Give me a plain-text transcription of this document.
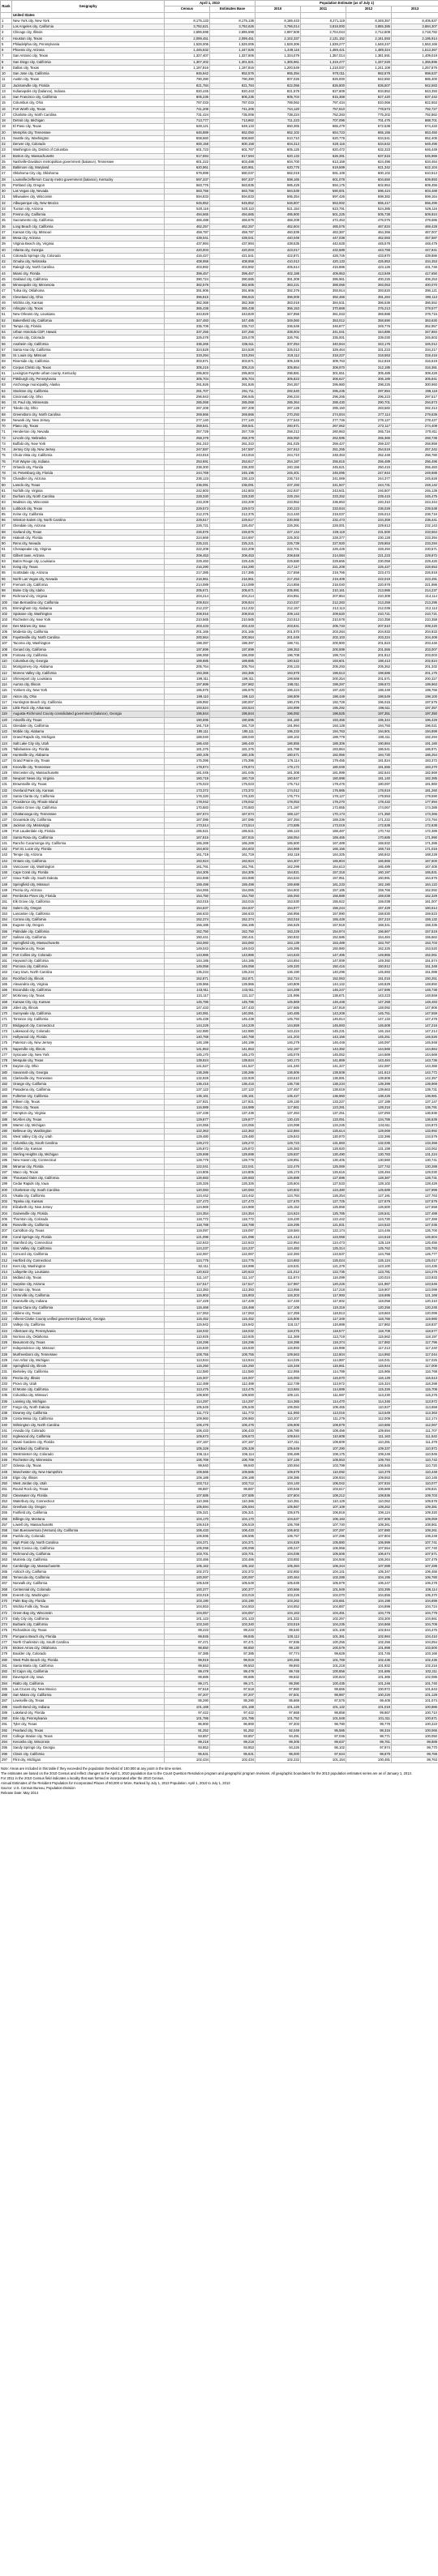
Rank	Geography	April 1, 2010		Population Estimate (as of July 1)			
		Census	Estimates Base	2010	2011	2012	2013

	United States						
1	New York city, New York	8,175,133	8,175,136	8,186,443	8,271,119	8,348,357	8,405,837
2	Los Angeles city, California	3,792,621	3,792,626	3,796,014	3,818,000	3,855,385	3,884,307
3	Chicago city, Illinois	2,695,598	2,695,598	2,697,509	2,704,044	2,712,608	2,718,782
4	Houston city, Texas	2,099,451	2,099,451	2,102,337	2,131,152	2,161,593	2,195,914
5	Philadelphia city, Pennsylvania	1,526,006	1,526,006	1,528,306	1,539,277	1,548,247	1,553,165
6	Phoenix city, Arizona	1,445,632	1,447,626	1,449,116	1,469,421	1,489,324	1,513,367
7	San Antonio city, Texas	1,327,407	1,327,606	1,334,079	1,357,014	1,381,591	1,409,019
8	San Diego city, California	1,307,402	1,301,621	1,305,961	1,319,477	1,337,026	1,355,896
9	Dallas city, Texas	1,197,816	1,197,816	1,200,549	1,218,037	1,241,108	1,257,676
10	San Jose city, California	945,942	952,576	955,394	970,011	982,578	998,537
11	Austin city, Texas	790,390	790,390	807,026	825,000	842,592	885,400
12	Jacksonville city, Florida	821,784	821,784	822,056	826,800	836,507	842,583
13	Indianapolis city (balance), Indiana	820,445	820,443	821,579	827,609	834,852	843,393
14	San Francisco city, California	805,235	805,235	805,704	815,358	827,420	837,442
15	Columbus city, Ohio	787,033	787,033	789,062	797,434	810,066	822,553
16	Fort Worth city, Texas	741,206	741,206	744,120	757,810	778,573	792,727
17	Charlotte city, North Carolina	731,424	735,006	738,224	752,283	775,202	792,862
18	Detroit city, Michigan	713,777	713,862	711,223	707,096	701,475	688,701
19	El Paso city, Texas	649,121	649,133	650,365	665,479	672,538	674,433
20	Memphis city, Tennessee	646,889	652,050	652,102	654,723	655,155	653,450
21	Seattle city, Washington	608,660	608,660	610,710	620,778	634,541	652,405
22	Denver city, Colorado	600,158	600,158	604,313	620,116	634,542	649,495
23	Washington city, District of Columbia	601,723	601,767	605,125	620,472	632,323	646,449
24	Boston city, Massachusetts	617,594	617,594	620,133	626,391	637,516	645,966
25	Nashville-Davidson metropolitan government (balance), Tennessee	601,222	603,488	604,700	613,159	624,496	634,464
26	Baltimore city, Maryland	620,961	620,961	620,776	619,599	621,342	622,104
27	Oklahoma City city, Oklahoma	579,999	580,037	582,019	591,108	600,102	610,613
28	Louisville/Jefferson County metro government (balance), Kentucky	597,337	597,337	598,165	601,078	604,650	609,893
29	Portland city, Oregon	583,776	583,835	585,429	594,175	602,954	609,456
30	Las Vegas city, Nevada	583,756	583,756	584,539	590,001	596,424	603,488
31	Milwaukee city, Wisconsin	594,833	594,833	595,354	597,426	598,382	599,164
32	Albuquerque city, New Mexico	545,852	545,852	546,807	553,002	555,417	556,495
33	Tucson city, Arizona	520,116	520,110	521,154	523,791	524,385	526,116
34	Fresno city, California	494,665	494,665	495,900	501,225	505,738	509,924
35	Sacramento city, California	466,488	466,676	468,208	472,453	476,075	479,686
36	Long Beach city, California	462,257	462,257	462,604	465,576	467,834	469,428
37	Kansas City city, Missouri	459,787	459,787	460,839	463,387	464,366	467,007
38	Mesa city, Arizona	439,041	439,041	440,049	447,038	452,083	457,587
39	Virginia Beach city, Virginia	437,994	437,994	438,535	442,628	445,578	448,479
40	Atlanta city, Georgia	420,003	420,003	423,017	432,589	443,768	447,841
41	Colorado Springs city, Colorado	416,427	421,541	422,871	428,745	433,870	439,886
42	Omaha city, Nebraska	408,958	408,958	410,012	420,133	425,853	434,353
43	Raleigh city, North Carolina	403,892	403,892	405,614	415,886	423,126	431,746
44	Miami city, Florida	399,457	399,457	402,188	409,953	413,949	417,650
45	Oakland city, California	390,724	390,685	391,309	395,961	400,225	406,253
46	Minneapolis city, Minnesota	382,578	382,605	383,221	388,066	393,053	400,070
47	Tulsa city, Oklahoma	391,906	391,906	392,379	393,914	393,820	398,121
48	Cleveland city, Ohio	396,815	396,815	396,009	392,466	391,284	390,113
49	Wichita city, Kansas	382,368	382,368	383,018	384,531	386,536	386,552
50	Arlington city, Texas	365,438	365,438	366,153	370,668	376,213	379,577
51	New Orleans city, Louisiana	343,829	343,829	347,858	361,043	369,888	378,715
52	Bakersfield city, California	347,483	347,485	349,060	353,012	358,690	363,630
53	Tampa city, Florida	335,709	335,710	336,548	346,877	349,776	352,957
54	Urban Honolulu CDP, Hawaii	337,256	337,256	338,004	341,041	344,886	347,884
55	Aurora city, Colorado	325,078	325,078	326,791	335,001	339,030	345,803
56	Anaheim city, California	336,265	336,511	337,054	340,944	343,176	345,012
57	Santa Ana city, California	324,528	324,528	325,013	329,464	331,223	334,217
58	St. Louis city, Missouri	319,294	319,294	319,112	318,227	318,563	318,416
59	Riverside city, California	303,871	303,871	305,349	309,763	312,919	316,619
60	Corpus Christi city, Texas	305,215	305,215	305,854	308,970	312,195	316,381
61	Lexington-Fayette urban county, Kentucky	295,803	295,803	296,881	301,651	305,489	308,428
62	Pittsburgh city, Pennsylvania	305,704	305,704	305,823	306,627	306,189	305,841
63	Anchorage municipality, Alaska	291,826	291,826	294,357	295,960	298,225	300,950
64	Stockton city, California	291,707	291,711	292,540	295,235	297,984	298,118
65	Cincinnati city, Ohio	296,943	296,945	296,234	296,265	296,223	297,517
66	St. Paul city, Minnesota	285,068	285,068	285,364	288,430	290,701	294,873
67	Toledo city, Ohio	287,208	287,208	287,128	285,150	283,582	282,313
68	Greensboro city, North Carolina	269,666	269,666	270,293	274,004	277,114	279,639
69	Newark city, New Jersey	277,140	277,140	277,543	277,746	278,127	278,427
70	Plano city, Texas	259,841	259,841	260,971	267,062	272,117	274,409
71	Henderson city, Nevada	257,729	257,729	258,212	260,963	265,716	270,811
72	Lincoln city, Nebraska	258,379	258,379	259,050	262,595	265,366	268,738
73	Buffalo city, New York	261,310	261,310	261,025	259,427	259,337	258,959
74	Jersey City city, New Jersey	247,597	247,597	247,912	251,255	254,519	257,342
75	Chula Vista city, California	243,916	243,916	244,710	248,453	252,448	256,780
76	Fort Wayne city, Indiana	253,691	253,617	254,187	255,815	256,489	256,496
77	Orlando city, Florida	238,300	238,300	240,156	245,621	250,415	255,483
78	St. Petersburg city, Florida	244,769	245,195	245,401	245,095	247,944	249,688
79	Chandler city, Arizona	236,123	236,123	236,710	241,069	244,377	245,628
80	Laredo city, Texas	236,091	236,091	237,193	241,927	244,731	248,142
81	Norfolk city, Virginia	242,803	242,803	242,837	243,641	246,807	246,139
82	Durham city, North Carolina	228,330	228,330	229,194	233,252	239,415	245,475
83	Madison city, Wisconsin	233,209	233,209	233,952	236,853	240,310	243,344
84	Lubbock city, Texas	229,573	229,573	230,223	233,934	236,028	239,538
85	Irvine city, California	212,375	212,375	213,440	219,037	226,013	236,716
86	Winston-Salem city, North Carolina	229,617	229,617	230,065	232,473	234,359	236,441
87	Glendale city, Arizona	226,721	226,457	226,391	228,001	229,613	232,143
88	Garland city, Texas	226,876	226,876	227,144	229,119	231,500	233,564
89	Hialeah city, Florida	224,669	224,697	225,302	228,377	230,128	233,394
90	Reno city, Nevada	225,221	225,221	225,739	227,920	229,853	233,294
91	Chesapeake city, Virginia	222,209	222,209	222,701	226,426	228,494	230,571
92	Gilbert town, Arizona	208,453	208,453	208,848	214,084	221,223	229,972
93	Baton Rouge city, Louisiana	229,493	229,426	229,580	229,656	230,058	229,426
94	Irving city, Texas	216,290	216,290	217,117	221,208	225,427	228,653
95	Scottsdale city, Arizona	217,385	217,385	217,558	219,766	223,472	226,918
96	North Las Vegas city, Nevada	216,961	216,961	217,253	219,409	222,019	223,491
97	Fremont city, California	214,089	214,089	214,856	218,040	220,978	221,986
98	Boise City city, Idaho	205,671	205,671	205,991	210,161	213,986	214,237
99	Richmond city, Virginia	204,214	204,214	204,851	207,864	210,309	214,114
100	San Bernardino city, California	209,924	209,924	210,037	212,283	213,259	213,295
101	Birmingham city, Alabama	212,237	212,232	212,157	212,113	212,038	212,113
102	Spokane city, Washington	208,916	208,916	209,143	209,520	210,721	210,721
103	Rochester city, New York	210,565	210,565	210,513	210,578	210,358	210,358
104	Des Moines city, Iowa	203,433	203,433	203,841	205,733	207,510	209,220
105	Modesto city, California	201,165	201,165	201,570	203,284	204,933	204,933
106	Fayetteville city, North Carolina	200,564	200,564	201,049	202,103	203,324	204,408
107	Tacoma city, Washington	198,397	198,397	198,741	200,900	201,823	203,446
108	Oxnard city, California	197,899	197,899	198,353	200,599	201,555	203,007
109	Fontana city, California	196,069	196,069	196,708	199,724	201,812	203,003
110	Columbus city, Georgia	189,885	189,885	190,522	193,601	198,413	202,824
111	Montgomery city, Alabama	205,764	205,764	206,133	205,293	205,352	201,332
112	Moreno Valley city, California	193,365	193,365	193,978	196,613	198,586	201,175
113	Shreveport city, Louisiana	199,311	199,311	199,568	200,254	201,571	200,327
114	Aurora city, Illinois	197,899	197,962	198,011	199,297	199,672	199,963
115	Yonkers city, New York	195,976	195,976	196,224	197,420	198,449	199,766
116	Akron city, Ohio	199,110	199,110	198,809	198,449	198,549	198,100
117	Huntington Beach city, California	189,992	190,007	190,476	192,728	195,015	197,575
118	Little Rock city, Arkansas	193,524	193,524	193,999	195,292	196,611	197,357
119	Augusta-Richmond County consolidated government (balance), Georgia	195,844	195,844	196,092	196,525	197,351	197,350
120	Amarillo city, Texas	190,695	190,695	191,160	193,466	195,344	196,429
121	Glendale city, California	191,719	191,719	191,994	193,128	194,793	196,021
122	Mobile city, Alabama	195,111	195,111	195,233	194,763	194,901	194,899
123	Grand Rapids city, Michigan	188,040	188,040	188,102	189,779	190,411	192,294
124	Salt Lake City city, Utah	186,440	186,440	186,855	189,306	190,884	191,180
125	Tallahassee city, Florida	181,376	181,376	181,788	183,864	186,541	186,971
126	Huntsville city, Alabama	180,105	180,105	180,571	182,956	184,730	186,254
127	Grand Prairie city, Texas	175,396	175,396	176,114	179,455	181,824	183,372
128	Knoxville city, Tennessee	178,874	178,874	179,172	180,049	181,555	183,270
129	Worcester city, Massachusetts	181,045	181,045	181,308	181,999	182,544	182,669
130	Newport News city, Virginia	180,719	180,719	180,847	180,998	181,140	182,385
131	Brownsville city, Texas	175,023	175,023	175,712	178,476	180,097	181,860
132	Overland Park city, Kansas	173,372	173,372	174,012	176,985	178,919	181,260
133	Santa Clarita city, California	176,320	176,320	176,774	178,127	179,553	179,590
134	Providence city, Rhode Island	178,042	178,042	178,053	178,270	178,432	177,994
135	Garden Grove city, California	170,883	170,883	171,197	172,655	174,067	174,389
136	Chattanooga city, Tennessee	167,674	167,674	168,127	170,173	171,350	173,366
137	Oceanside city, California	167,086	167,086	167,394	169,336	171,222	172,794
138	Jackson city, Mississippi	173,514	173,514	173,585	173,019	172,638	172,638
139	Fort Lauderdale city, Florida	165,521	165,521	166,123	168,487	170,742	172,389
140	Santa Rosa city, California	167,815	167,815	168,054	169,465	170,685	171,990
141	Rancho Cucamonga city, California	165,269	165,269	165,600	167,489	168,932	171,386
142	Port St. Lucie city, Florida	164,603	164,603	164,969	166,156	168,716	171,016
143	Tempe city, Arizona	161,719	161,719	162,118	164,325	166,842	168,228
144	Ontario city, California	163,924	163,924	164,307	165,804	166,866	167,500
145	Vancouver city, Washington	161,791	161,791	162,299	164,613	165,489	167,405
146	Cape Coral city, Florida	154,305	154,305	154,821	157,318	160,197	165,831
147	Sioux Falls city, South Dakota	153,888	153,888	154,534	157,951	160,991	164,676
148	Springfield city, Missouri	159,498	159,498	159,688	161,233	162,180	164,122
149	Peoria city, Arizona	154,065	154,065	154,602	157,185	159,766	162,592
150	Pembroke Pines city, Florida	154,750	154,750	155,093	156,888	159,038	162,329
151	Elk Grove city, California	153,015	153,015	153,530	155,922	159,038	161,007
152	Salem city, Oregon	154,637	154,637	154,977	156,244	157,429	160,614
153	Lancaster city, California	156,633	156,633	156,956	157,990	158,630	159,523
154	Corona city, California	152,374	152,374	153,016	155,428	157,210	159,132
155	Eugene city, Oregon	156,185	156,185	156,525	157,818	158,341	158,335
156	Palmdale city, California	152,750	152,750	153,229	154,974	156,667	157,519
157	Salinas city, California	150,441	150,441	150,832	152,586	154,484	155,662
158	Springfield city, Massachusetts	153,060	153,060	153,139	153,489	153,787	153,703
159	Pasadena city, Texas	149,043	149,043	149,395	150,980	152,325	153,520
160	Fort Collins city, Colorado	143,986	143,986	144,533	147,485	149,965	152,061
161	Hayward city, California	144,186	144,186	144,654	147,009	149,392	151,574
162	Pomona city, California	149,058	149,058	149,320	150,416	150,812	151,348
163	Cary town, North Carolina	135,234	135,234	136,190	140,296	145,693	151,088
164	Rockford city, Illinois	152,871	152,871	152,724	152,063	151,015	150,251
165	Alexandria city, Virginia	139,966	139,966	140,809	144,142	146,829	148,892
166	Escondido city, California	143,911	143,911	144,289	146,247	147,596	148,738
167	McKinney city, Texas	131,117	131,117	131,996	136,671	143,223	148,559
168	Kansas City city, Kansas	145,786	145,786	145,869	146,448	147,268	148,483
169	Joliet city, Illinois	147,433	147,433	147,665	147,818	148,092	147,806
170	Sunnyvale city, California	140,081	140,081	140,485	143,208	145,751	147,559
171	Torrance city, California	145,438	145,438	145,793	146,814	147,133	147,478
172	Bridgeport city, Connecticut	144,229	144,229	144,559	145,693	146,608	147,216
173	Lakewood city, Colorado	142,980	142,980	143,424	145,231	146,154	147,214
174	Hollywood city, Florida	140,768	140,768	141,203	143,156	145,251	146,526
175	Paterson city, New Jersey	146,199	146,199	146,279	146,448	146,097	145,948
176	Naperville city, Illinois	141,853	141,853	142,197	143,392	144,566	144,864
177	Syracuse city, New York	145,170	145,170	145,078	145,052	144,669	144,669
178	Mesquite city, Texas	139,824	139,824	140,173	141,869	143,484	143,736
179	Dayton city, Ohio	141,527	141,527	141,340	141,327	142,087	143,355
180	Savannah city, Georgia	136,286	136,286	136,606	138,508	141,813	142,772
181	Clarksville city, Tennessee	132,929	132,929	133,610	136,891	139,808	142,357
182	Orange city, California	136,416	136,416	136,736	138,234	139,399	139,969
183	Pasadena city, California	137,122	137,122	137,457	138,619	139,663	139,731
184	Fullerton city, California	135,161	135,161	135,427	136,960	138,226	138,981
185	Killeen city, Texas	127,921	127,921	129,130	133,227	137,189	137,147
186	Frisco city, Texas	116,989	116,989	117,861	123,281	128,316	136,791
187	Hampton city, Virginia	137,436	137,436	137,464	137,251	137,093	136,836
188	McAllen city, Texas	129,877	129,877	130,420	133,051	134,786	136,639
189	Warren city, Michigan	134,056	134,056	134,098	134,245	134,611	134,873
190	Bellevue city, Washington	122,363	122,363	122,884	125,614	129,069	133,992
191	West Valley City city, Utah	129,480	129,480	129,843	130,970	132,396	133,579
192	Columbia city, South Carolina	129,272	129,272	129,723	131,683	132,036	133,358
193	Olathe city, Kansas	125,872	125,872	126,383	128,920	131,198	133,062
194	Sterling Heights city, Michigan	129,699	129,699	129,837	130,490	130,783	131,224
195	New Haven city, Connecticut	129,779	129,779	129,951	130,405	130,660	130,741
196	Miramar city, Florida	122,041	122,041	122,476	125,069	127,742	130,288
197	Waco city, Texas	124,805	124,805	125,173	126,616	128,494	129,030
198	Thousand Oaks city, California	126,683	126,683	126,888	127,696	128,387	128,731
199	Cedar Rapids city, Iowa	126,326	126,326	126,604	127,533	128,102	128,429
200	Charleston city, South Carolina	120,083	120,083	120,602	123,480	125,589	127,999
201	Visalia city, California	124,442	124,442	124,784	126,254	127,191	127,763
202	Topeka city, Kansas	127,473	127,473	127,670	127,725	127,679	127,679
203	Elizabeth city, New Jersey	124,969	124,969	125,152	125,858	126,500	127,558
204	Gainesville city, Florida	124,354	124,354	124,624	125,785	126,541	127,488
205	Thornton city, Colorado	118,772	118,772	119,430	122,442	124,730	127,359
206	Roseville city, California	118,788	118,788	119,295	121,831	124,522	127,035
207	Carrollton city, Texas	119,097	119,097	119,584	122,174	124,446	126,700
208	Coral Springs city, Florida	121,096	121,096	121,413	123,068	124,618	126,604
209	Stamford city, Connecticut	122,643	122,643	122,954	124,473	125,119	126,456
210	Simi Valley city, California	124,237	124,237	124,482	125,314	125,762	125,793
211	Concord city, California	122,067	122,067	122,393	123,637	124,758	125,777
212	Hartford city, Connecticut	124,775	124,775	124,883	125,024	125,124	125,017
213	Kent city, Washington	92,411	118,998	119,531	121,379	123,100	124,435
214	Lafayette city, Louisiana	120,623	120,623	121,012	122,735	123,781	124,276
215	Midland city, Texas	111,147	111,147	111,874	116,099	120,024	123,933
216	Surprise city, Arizona	117,517	117,517	117,967	120,226	121,967	123,546
217	Denton city, Texas	113,383	113,383	113,956	117,218	119,907	123,099
218	Victorville city, California	115,903	115,903	116,303	117,993	119,695	121,168
219	Evansville city, Indiana	117,429	117,429	117,440	117,602	118,058	120,310
220	Santa Clara city, California	116,468	116,468	117,106	119,319	120,256	120,245
221	Abilene city, Texas	117,063	117,063	117,359	118,813	119,663	120,099
222	Athens-Clarke County unified government (balance), Georgia	115,452	115,452	115,806	117,349	118,766	119,980
223	Vallejo city, California	115,942	115,942	116,117	116,888	117,862	118,837
224	Allentown city, Pennsylvania	118,032	118,032	118,075	118,577	118,708	118,577
225	Norman city, Oklahoma	110,925	110,925	111,369	113,719	115,562	118,197
226	Beaumont city, Texas	118,296	118,296	118,398	118,374	117,882	117,796
227	Independence city, Missouri	116,830	116,830	116,893	116,998	117,213	117,240
228	Murfreesboro city, Tennessee	108,755	108,755	109,563	112,804	114,992	117,044
229	Ann Arbor city, Michigan	113,934	113,934	114,025	114,987	116,041	117,025
230	Springfield city, Illinois	116,250	116,250	116,348	116,861	116,944	117,006
231	Berkeley city, California	112,580	112,580	112,955	114,789	115,966	116,768
232	Peoria city, Illinois	115,007	115,007	115,093	115,670	116,129	116,513
233	Provo city, Utah	112,488	112,488	112,739	113,972	115,324	116,288
234	El Monte city, California	113,475	113,475	113,684	114,689	115,326	115,708
235	Columbia city, Missouri	108,500	108,500	109,121	111,697	113,230	115,276
236	Lansing city, Michigan	114,297	114,297	114,365	114,470	114,346	113,972
237	Fargo city, North Dakota	105,549	105,549	106,084	108,465	110,927	113,658
238	Downey city, California	111,772	111,772	111,993	113,016	113,549	113,363
239	Costa Mesa city, California	109,960	109,960	110,207	111,279	112,009	112,174
240	Wilmington city, North Carolina	106,476	106,476	106,906	108,879	110,665	112,067
241	Arvada city, Colorado	106,433	106,433	106,780	108,456	109,694	111,707
242	Inglewood city, California	109,673	109,673	109,844	110,608	111,163	111,542
243	Miami Gardens city, Florida	107,167	107,167	107,411	108,609	110,281	111,378
244	Carlsbad city, California	105,328	105,328	105,649	107,290	109,337	110,972
245	Westminster city, Colorado	106,114	106,114	106,489	108,175	109,249	110,945
246	Rochester city, Minnesota	106,769	106,769	107,126	108,553	109,784	110,742
247	Odessa city, Texas	99,940	99,940	100,594	103,799	106,945	110,720
248	Manchester city, New Hampshire	109,565	109,565	109,679	110,092	110,378	110,448
249	Elgin city, Illinois	108,188	108,188	108,386	108,934	109,553	110,145
250	West Jordan city, Utah	103,712	103,712	104,140	106,042	107,934	110,077
251	Round Rock city, Texas	99,887	99,887	100,546	103,617	106,669	109,821
252	Clearwater city, Florida	107,685	107,685	107,804	108,212	108,836	109,703
253	Waterbury city, Connecticut	110,366	110,366	110,351	110,129	110,062	109,676
254	Gresham city, Oregon	105,594	105,594	105,867	107,109	108,262	109,381
255	Fairfield city, California	105,321	105,321	105,575	106,818	108,124	109,320
256	Billings city, Montana	104,170	104,170	104,537	106,183	107,606	109,059
257	Lowell city, Massachusetts	106,519	106,519	106,769	107,740	108,361	108,861
258	San Buenaventura (Ventura) city, California	106,433	106,433	106,602	107,297	107,880	108,261
259	Pueblo city, Colorado	106,595	106,595	106,757	107,296	107,804	108,249
260	High Point city, North Carolina	104,371	104,371	104,629	105,880	106,999	107,741
261	West Covina city, California	106,098	106,098	106,247	106,958	107,554	107,740
262	Richmond city, California	103,701	103,701	104,036	105,506	106,674	107,571
263	Murrieta city, California	103,466	103,466	103,892	104,948	106,264	107,479
264	Cambridge city, Massachusetts	105,162	105,162	105,384	106,344	107,089	107,289
265	Antioch city, California	102,372	102,372	102,692	104,141	105,347	106,455
266	Temecula city, California	100,097	100,097	100,464	102,288	104,195	106,780
267	Norwalk city, California	105,549	105,549	105,638	105,979	106,247	106,278
268	Centennial city, Colorado	100,377	100,377	100,666	101,949	103,395	106,114
269	Everett city, Washington	103,019	103,019	103,226	104,070	104,655	105,370
270	Palm Bay city, Florida	103,190	103,190	103,262	103,681	104,198	104,898
271	Wichita Falls city, Texas	104,553	104,553	104,652	104,887	104,898	104,724
272	Green Bay city, Wisconsin	104,057	104,057	104,163	104,481	104,779	104,779
273	Daly City city, California	101,123	101,123	101,322	102,267	103,300	104,661
274	Burbank city, California	103,340	103,340	103,519	104,235	104,668	104,709
275	Richardson city, Texas	99,223	99,223	99,540	101,108	102,844	104,475
276	Pompano Beach city, Florida	99,845	99,845	100,112	101,381	102,984	104,410
277	North Charleston city, South Carolina	97,471	97,471	97,936	100,256	102,256	104,054
278	Broken Arrow city, Oklahoma	98,850	98,850	99,130	100,579	101,998	103,500
279	Boulder city, Colorado	97,385	97,385	97,774	99,629	101,745	103,166
280	West Palm Beach city, Florida	99,919	99,919	100,265	101,769	102,436	102,436
281	Santa Maria city, California	99,553	99,553	99,893	101,218	101,932	102,216
282	El Cajon city, California	99,478	99,478	99,746	100,856	101,686	102,211
283	Davenport city, Iowa	99,685	99,685	99,832	100,823	101,365	102,085
284	Rialto city, California	99,171	99,171	99,390	100,435	101,246	101,740
285	Las Cruces city, New Mexico	97,618	97,618	97,980	99,666	100,972	101,643
286	San Mateo city, California	97,207	97,207	97,501	98,987	100,226	101,128
287	Lewisville city, Texas	95,290	95,290	95,669	97,576	99,409	101,074
288	South Bend city, Indiana	101,168	101,168	101,126	101,132	101,018	100,886
289	Lakeland city, Florida	97,422	97,422	97,668	98,858	99,867	100,710
290	Erie city, Pennsylvania	101,786	101,786	101,752	101,548	101,311	100,671
291	Tyler city, Texas	96,900	96,900	97,303	98,790	99,778	100,223
292	Pearland city, Texas	91,252	91,252	92,049	95,585	98,316	100,065
293	College Station city, Texas	93,857	93,857	94,491	97,046	98,771	100,050
294	Kenosha city, Wisconsin	99,218	99,218	99,305	99,637	99,761	99,889
295	Sandy Springs city, Georgia	93,853	93,853	94,226	96,102	97,974	99,770
296	Clovis city, California	95,631	95,631	96,000	97,644	98,879	99,769
297	Flint city, Michigan	102,434	102,434	102,222	101,154	100,481	99,763
Note: Areas are included in this table if they exceeded the population threshold of 100,000 at any point in the time series.
The estimates are based on the 2010 Census and reflect changes to the April 1, 2010 population due to the Count Question Resolution program and geographic program revisions. All geographic boundaries for the 2013 population estimates series are as of January 1, 2013.
For 2011 in the 2010 Census field indicates a locality that was formed or incorporated after the 2010 Census.
Annual Estimates of the Resident Population for Incorporated Places of 50,000 or More, Ranked by July 1, 2013 Population: April 1, 2010 to July 1, 2013
Source: U.S. Census Bureau, Population Division
Release Date: May 2014
